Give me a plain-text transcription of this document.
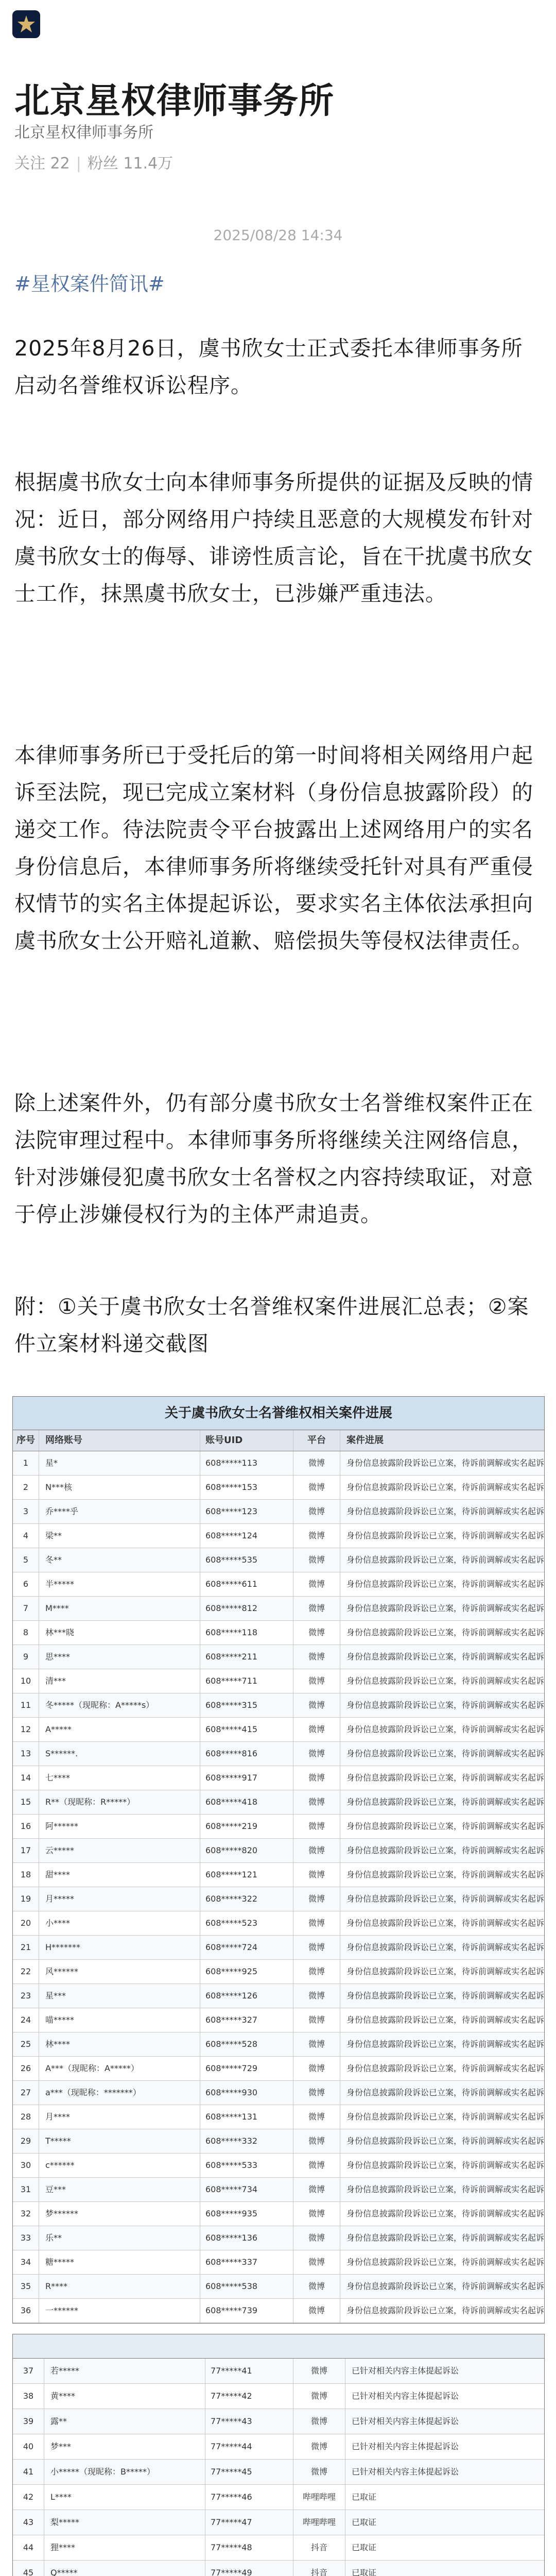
北京星权律师事务所
北京星权律师事务所
关注 22 | 粉丝 11.4万
2025/08/28 14:34
#星权案件简讯#
2025年8月26日，虞书欣女士正式委托本律师事务所启动名誉维权诉讼程序。
根据虞书欣女士向本律师事务所提供的证据及反映的情况：近日，部分网络用户持续且恶意的大规模发布针对虞书欣女士的侮辱、诽谤性质言论，旨在干扰虞书欣女士工作，抹黑虞书欣女士，已涉嫌严重违法。
本律师事务所已于受托后的第一时间将相关网络用户起诉至法院，现已完成立案材料（身份信息披露阶段）的递交工作。待法院责令平台披露出上述网络用户的实名身份信息后，本律师事务所将继续受托针对具有严重侵权情节的实名主体提起诉讼，要求实名主体依法承担向虞书欣女士公开赔礼道歉、赔偿损失等侵权法律责任。
除上述案件外，仍有部分虞书欣女士名誉维权案件正在法院审理过程中。本律师事务所将继续关注网络信息，针对涉嫌侵犯虞书欣女士名誉权之内容持续取证，对意于停止涉嫌侵权行为的主体严肃追责。
附：①关于虞书欣女士名誉维权案件进展汇总表；②案件立案材料递交截图
关于虞书欣女士名誉维权相关案件进展
序号	网络账号	账号UID	平台	案件进展
1	星*	608*****113	微博	身份信息披露阶段诉讼已立案，待诉前调解或实名起诉
2	N***核	608*****153	微博	身份信息披露阶段诉讼已立案，待诉前调解或实名起诉
3	乔****乎	608*****123	微博	身份信息披露阶段诉讼已立案，待诉前调解或实名起诉
4	梁**	608*****124	微博	身份信息披露阶段诉讼已立案，待诉前调解或实名起诉
5	冬**	608*****535	微博	身份信息披露阶段诉讼已立案，待诉前调解或实名起诉
6	半*****	608*****611	微博	身份信息披露阶段诉讼已立案，待诉前调解或实名起诉
7	M****	608*****812	微博	身份信息披露阶段诉讼已立案，待诉前调解或实名起诉
8	林***晓	608*****118	微博	身份信息披露阶段诉讼已立案，待诉前调解或实名起诉
9	思****	608*****211	微博	身份信息披露阶段诉讼已立案，待诉前调解或实名起诉
10	清***	608*****711	微博	身份信息披露阶段诉讼已立案，待诉前调解或实名起诉
11	冬*****（现昵称：A*****s）	608*****315	微博	身份信息披露阶段诉讼已立案，待诉前调解或实名起诉
12	A*****	608*****415	微博	身份信息披露阶段诉讼已立案，待诉前调解或实名起诉
13	S******.	608*****816	微博	身份信息披露阶段诉讼已立案，待诉前调解或实名起诉
14	七****	608*****917	微博	身份信息披露阶段诉讼已立案，待诉前调解或实名起诉
15	R**（现昵称：R*****）	608*****418	微博	身份信息披露阶段诉讼已立案，待诉前调解或实名起诉
16	阿******	608*****219	微博	身份信息披露阶段诉讼已立案，待诉前调解或实名起诉
17	云*****	608*****820	微博	身份信息披露阶段诉讼已立案，待诉前调解或实名起诉
18	甜****	608*****121	微博	身份信息披露阶段诉讼已立案，待诉前调解或实名起诉
19	月*****	608*****322	微博	身份信息披露阶段诉讼已立案，待诉前调解或实名起诉
20	小****	608*****523	微博	身份信息披露阶段诉讼已立案，待诉前调解或实名起诉
21	H*******	608*****724	微博	身份信息披露阶段诉讼已立案，待诉前调解或实名起诉
22	风******	608*****925	微博	身份信息披露阶段诉讼已立案，待诉前调解或实名起诉
23	星***	608*****126	微博	身份信息披露阶段诉讼已立案，待诉前调解或实名起诉
24	喵*****	608*****327	微博	身份信息披露阶段诉讼已立案，待诉前调解或实名起诉
25	林****	608*****528	微博	身份信息披露阶段诉讼已立案，待诉前调解或实名起诉
26	A***（现昵称：A*****）	608*****729	微博	身份信息披露阶段诉讼已立案，待诉前调解或实名起诉
27	a***（现昵称：*******）	608*****930	微博	身份信息披露阶段诉讼已立案，待诉前调解或实名起诉
28	月****	608*****131	微博	身份信息披露阶段诉讼已立案，待诉前调解或实名起诉
29	T*****	608*****332	微博	身份信息披露阶段诉讼已立案，待诉前调解或实名起诉
30	c******	608*****533	微博	身份信息披露阶段诉讼已立案，待诉前调解或实名起诉
31	豆***	608*****734	微博	身份信息披露阶段诉讼已立案，待诉前调解或实名起诉
32	梦******	608*****935	微博	身份信息披露阶段诉讼已立案，待诉前调解或实名起诉
33	乐**	608*****136	微博	身份信息披露阶段诉讼已立案，待诉前调解或实名起诉
34	糖*****	608*****337	微博	身份信息披露阶段诉讼已立案，待诉前调解或实名起诉
35	R****	608*****538	微博	身份信息披露阶段诉讼已立案，待诉前调解或实名起诉
36	一******	608*****739	微博	身份信息披露阶段诉讼已立案，待诉前调解或实名起诉
37	若*****	77*****41	微博	已针对相关内容主体提起诉讼
38	黄****	77*****42	微博	已针对相关内容主体提起诉讼
39	露**	77*****43	微博	已针对相关内容主体提起诉讼
40	梦***	77*****44	微博	已针对相关内容主体提起诉讼
41	小*****（现昵称：B*****）	77*****45	微博	已针对相关内容主体提起诉讼
42	L****	77*****46	哔哩哔哩	已取证
43	梨*****	77*****47	哔哩哔哩	已取证
44	狸****	77*****48	抖音	已取证
45	Q*****	77*****49	抖音	已取证
